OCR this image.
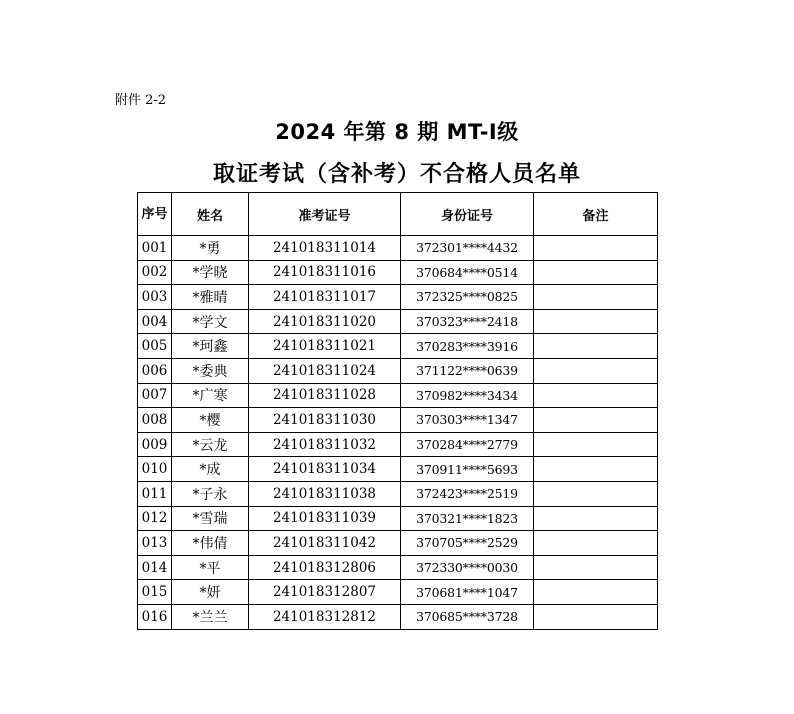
附件 2-2
2024 年第 8 期 MT-Ⅰ级
取证考试（含补考）不合格人员名单
序号	姓名	准考证号	身份证号	备注
001	*勇	241018311014	372301****4432	
002	*学晓	241018311016	370684****0514	
003	*雅晴	241018311017	372325****0825	
004	*学文	241018311020	370323****2418	
005	*珂鑫	241018311021	370283****3916	
006	*委典	241018311024	371122****0639	
007	*广寒	241018311028	370982****3434	
008	*樱	241018311030	370303****1347	
009	*云龙	241018311032	370284****2779	
010	*成	241018311034	370911****5693	
011	*子永	241018311038	372423****2519	
012	*雪瑞	241018311039	370321****1823	
013	*伟倩	241018311042	370705****2529	
014	*平	241018312806	372330****0030	
015	*妍	241018312807	370681****1047	
016	*兰兰	241018312812	370685****3728	
